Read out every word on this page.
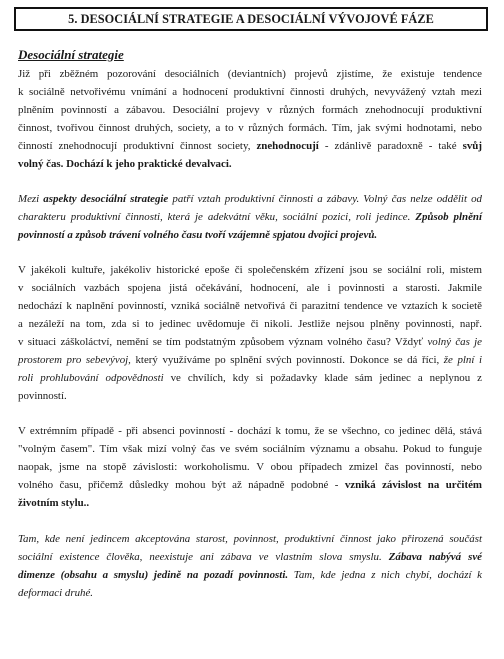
5. DESOCIÁLNÍ STRATEGIE A DESOCIÁLNÍ VÝVOJOVÉ FÁZE
Desociální strategie
Již při zběžném pozorování desociálních (deviantních) projevů zjistíme, že existuje tendence
k sociálně netvořivému vnímání a hodnocení produktivní činnosti druhých, nevyvážený vztah mezi
plněním povinností a zábavou. Desociální projevy v různých formách znehodnocují produktivní
činnost, tvořivou činnost druhých, society, a to v různých formách. Tím, jak svými hodnotami, nebo
činností znehodnocují produktivní činnost society, znehodnocují - zdánlivě paradoxně - také svůj
volný čas. Dochází k jeho praktické devalvaci.
Mezi aspekty desociální strategie patří vztah produktivní činnosti a zábavy. Volný čas nelze oddělit od
charakteru produktivní činnosti, která je adekvátní věku, sociální pozici, roli jedince. Způsob plnění
povinností a způsob trávení volného času tvoří vzájemně spjatou dvojici projevů.
V jakékoli kultuře, jakékoliv historické epoše či společenském zřízení jsou se sociální roli, mistem
v sociálních vazbách spojena jistá očekávání, hodnocení, ale i povinnosti a starosti. Jakmile
nedochází k naplnění povinností, vzniká sociálně netvořivá či parazitní tendence ve vztazích k societě
a nezáleží na tom, zda si to jedinec uvědomuje či nikoli. Jestliže nejsou plněny povinnosti, např.
v situaci záškoláctví, nemění se tím podstatným způsobem význam volného času? Vždyť volný čas je
prostorem pro sebevývoj, který využíváme po splnění svých povinností. Dokonce se dá říci, že plní i
roli prohlubování odpovědnosti ve chvílích, kdy si požadavky klade sám jedinec a neplynou z
povinností.
V extrémním případě - při absenci povinností - dochází k tomu, že se všechno, co jedinec dělá, stává
"volným časem". Tím však mizí volný čas ve svém sociálním významu a obsahu. Pokud to funguje
naopak, jsme na stopě závislosti: workoholismu. V obou případech zmizel čas povinností, nebo
volného času, přičemž důsledky mohou být až nápadně podobné - vzniká závislost na určitém
životním stylu..
Tam, kde není jedincem akceptována starost, povinnost, produktivní činnost jako přirozená součást
sociální existence člověka, neexistuje ani zábava ve vlastním slova smyslu. Zábava nabývá své
dimenze (obsahu a smyslu) jedině na pozadí povinnosti. Tam, kde jedna z nich chybí, dochází k
deformaci druhé.
